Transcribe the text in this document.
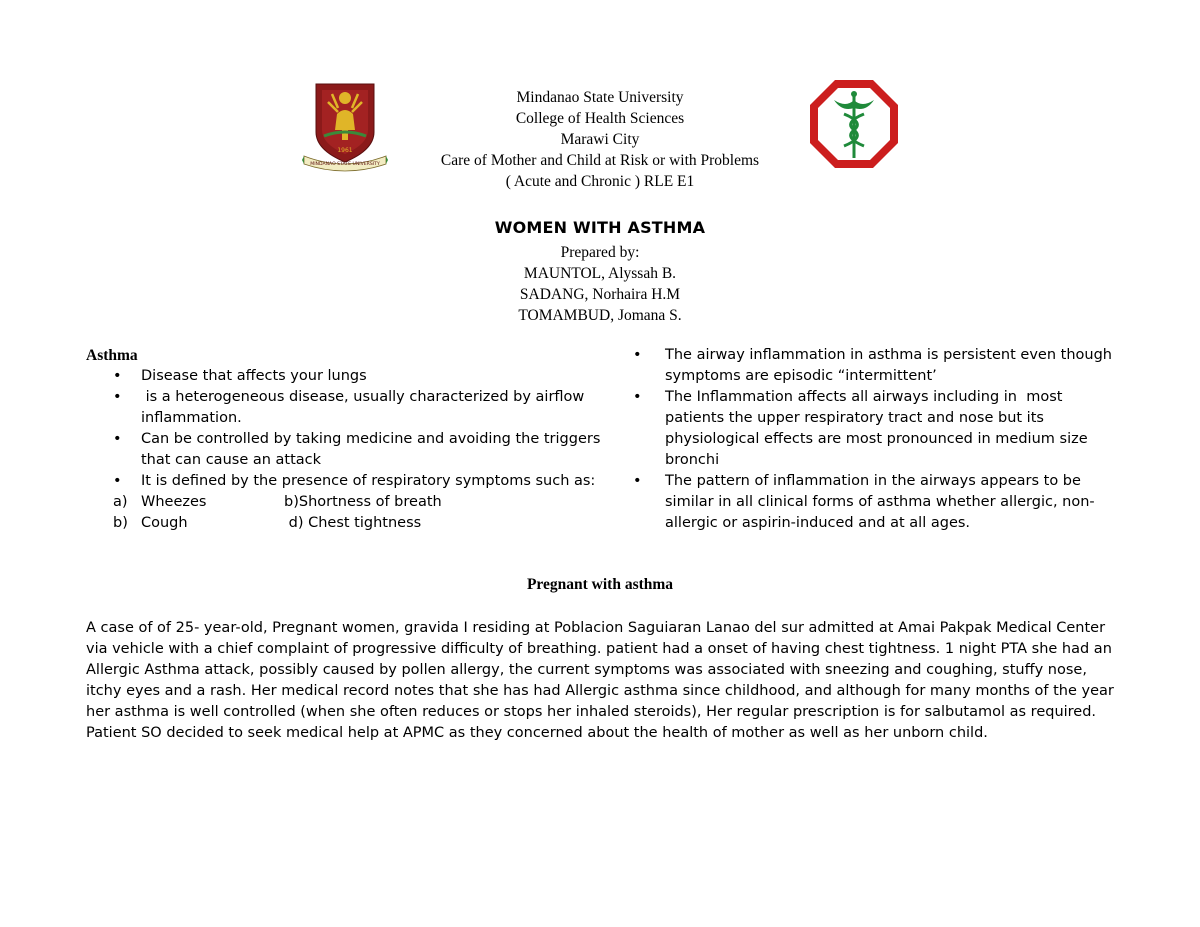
1961
MINDANAO STATE UNIVERSITY
Mindanao State University
College of Health Sciences
Marawi City
Care of Mother and Child at Risk or with Problems
( Acute and Chronic ) RLE E1
WOMEN WITH ASTHMA
Prepared by:
MAUNTOL, Alyssah B.
SADANG, Norhaira H.M
TOMAMBUD, Jomana S.
Asthma
• Disease that affects your lungs
• is a heterogeneous disease, usually characterized by airflow inflammation.
• Can be controlled by taking medicine and avoiding the triggers that can cause an attack
• It is defined by the presence of respiratory symptoms such as:
a) Wheezes	b)Shortness of breath
b) Cough	d) Chest tightness
• The airway inflammation in asthma is persistent even though symptoms are episodic “intermittent’
• The Inflammation affects all airways including in  most patients the upper respiratory tract and nose but its physiological effects are most pronounced in medium size bronchi
• The pattern of inflammation in the airways appears to be similar in all clinical forms of asthma whether allergic, non-allergic or aspirin-induced and at all ages.
Pregnant with asthma
A case of of 25- year-old, Pregnant women, gravida I residing at Poblacion Saguiaran Lanao del sur admitted at Amai Pakpak Medical Center via vehicle with a chief complaint of progressive difficulty of breathing. patient had a onset of having chest tightness. 1 night PTA she had an Allergic Asthma attack, possibly caused by pollen allergy, the current symptoms was associated with sneezing and coughing, stuffy nose, itchy eyes and a rash. Her medical record notes that she has had Allergic asthma since childhood, and although for many months of the year her asthma is well controlled (when she often reduces or stops her inhaled steroids), Her regular prescription is for salbutamol as required. Patient SO decided to seek medical help at APMC as they concerned about the health of mother as well as her unborn child.
